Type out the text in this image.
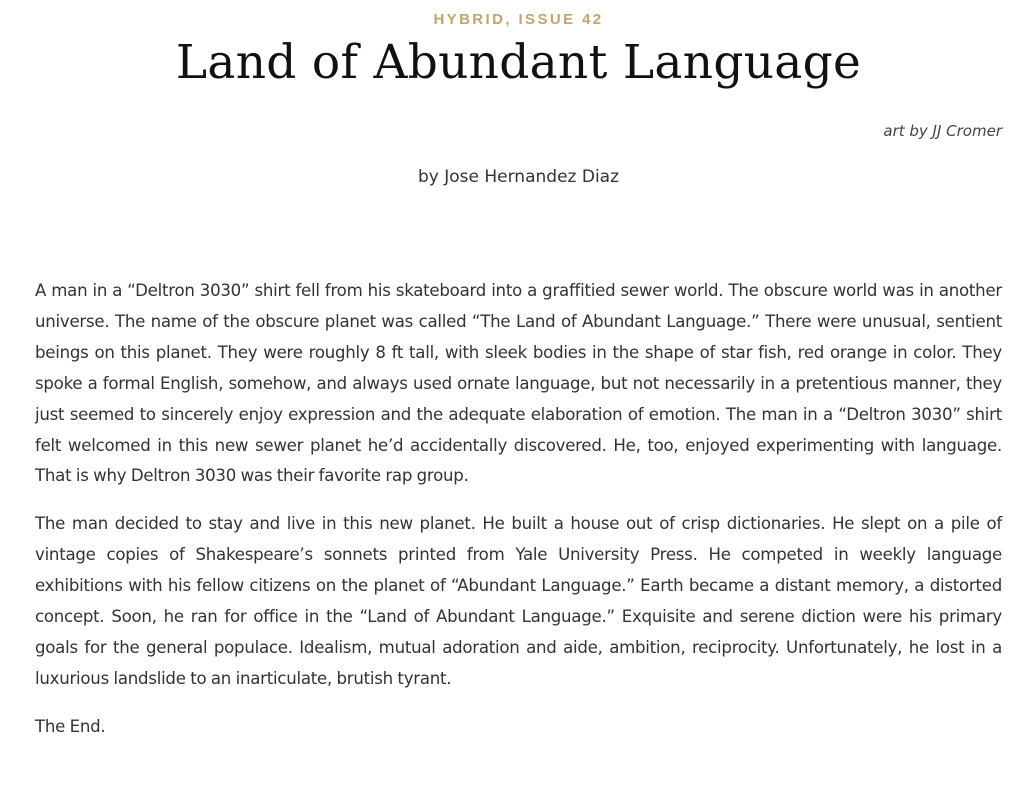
HYBRID, ISSUE 42
Land of Abundant Language
art by JJ Cromer
by Jose Hernandez Diaz

A man in a “Deltron 3030” shirt fell from his skateboard into a graffitied sewer world. The obscure world was in another universe. The name of the obscure planet was called “The Land of Abundant Language.” There were unusual, sentient beings on this planet. They were roughly 8 ft tall, with sleek bodies in the shape of star fish, red orange in color. They spoke a formal English, somehow, and always used ornate language, but not necessarily in a pretentious manner, they just seemed to sincerely enjoy expression and the adequate elaboration of emotion. The man in a “Deltron 3030” shirt felt welcomed in this new sewer planet he’d accidentally discovered. He, too, enjoyed experimenting with language. That is why Deltron 3030 was their favorite rap group.

The man decided to stay and live in this new planet. He built a house out of crisp dictionaries. He slept on a pile of vintage copies of Shakespeare’s sonnets printed from Yale University Press. He competed in weekly language exhibitions with his fellow citizens on the planet of “Abundant Language.” Earth became a distant memory, a distorted concept. Soon, he ran for office in the “Land of Abundant Language.” Exquisite and serene diction were his primary goals for the general populace. Idealism, mutual adoration and aide, ambition, reciprocity. Unfortunately, he lost in a luxurious landslide to an inarticulate, brutish tyrant.

The End.
